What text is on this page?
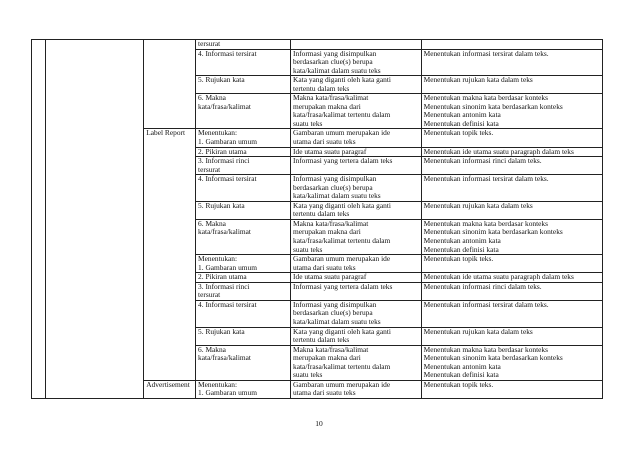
			tersurat		

			4. Informasi tersirat	Informasi yang disimpulkan
berdasarkan clue(s) berupa
kata/kalimat dalam suatu teks	Menentukan informasi tersirat dalam teks.

			5. Rujukan kata	Kata yang diganti oleh kata ganti
tertentu dalam teks	Menentukan rujukan kata dalam teks

			6. Makna
kata/frasa/kalimat	Makna kata/frasa/kalimat
merupakan makna dari
kata/frasa/kalimat tertentu dalam
suatu teks	Menentukan makna kata berdasar konteks
Menentukan sinonim kata berdasarkan konteks
Menentukan antonim kata
Menentukan definisi kata

		Label Report	Menentukan:
1. Gambaran umum	Gambaran umum merupakan ide
utama dari suatu teks	Menentukan topik teks.

			2. Pikiran utama	Ide utama suatu paragraf	Menentukan ide utama suatu paragraph dalam teks

			3. Informasi rinci
tersurat	Informasi yang tertera dalam teks	Menentukan informasi rinci dalam teks.

			4. Informasi tersirat	Informasi yang disimpulkan
berdasarkan clue(s) berupa
kata/kalimat dalam suatu teks	Menentukan informasi tersirat dalam teks.

			5. Rujukan kata	Kata yang diganti oleh kata ganti
tertentu dalam teks	Menentukan rujukan kata dalam teks

			6. Makna
kata/frasa/kalimat	Makna kata/frasa/kalimat
merupakan makna dari
kata/frasa/kalimat tertentu dalam
suatu teks	Menentukan makna kata berdasar konteks
Menentukan sinonim kata berdasarkan konteks
Menentukan antonim kata
Menentukan definisi kata

			Menentukan:
1. Gambaran umum	Gambaran umum merupakan ide
utama dari suatu teks	Menentukan topik teks.

			2. Pikiran utama	Ide utama suatu paragraf	Menentukan ide utama suatu paragraph dalam teks

			3. Informasi rinci
tersurat	Informasi yang tertera dalam teks	Menentukan informasi rinci dalam teks.

			4. Informasi tersirat	Informasi yang disimpulkan
berdasarkan clue(s) berupa
kata/kalimat dalam suatu teks	Menentukan informasi tersirat dalam teks.

			5. Rujukan kata	Kata yang diganti oleh kata ganti
tertentu dalam teks	Menentukan rujukan kata dalam teks

			6. Makna
kata/frasa/kalimat	Makna kata/frasa/kalimat
merupakan makna dari
kata/frasa/kalimat tertentu dalam
suatu teks	Menentukan makna kata berdasar konteks
Menentukan sinonim kata berdasarkan konteks
Menentukan antonim kata
Menentukan definisi kata

		Advertisement	Menentukan:
1. Gambaran umum	Gambaran umum merupakan ide
utama dari suatu teks	Menentukan topik teks.
10
